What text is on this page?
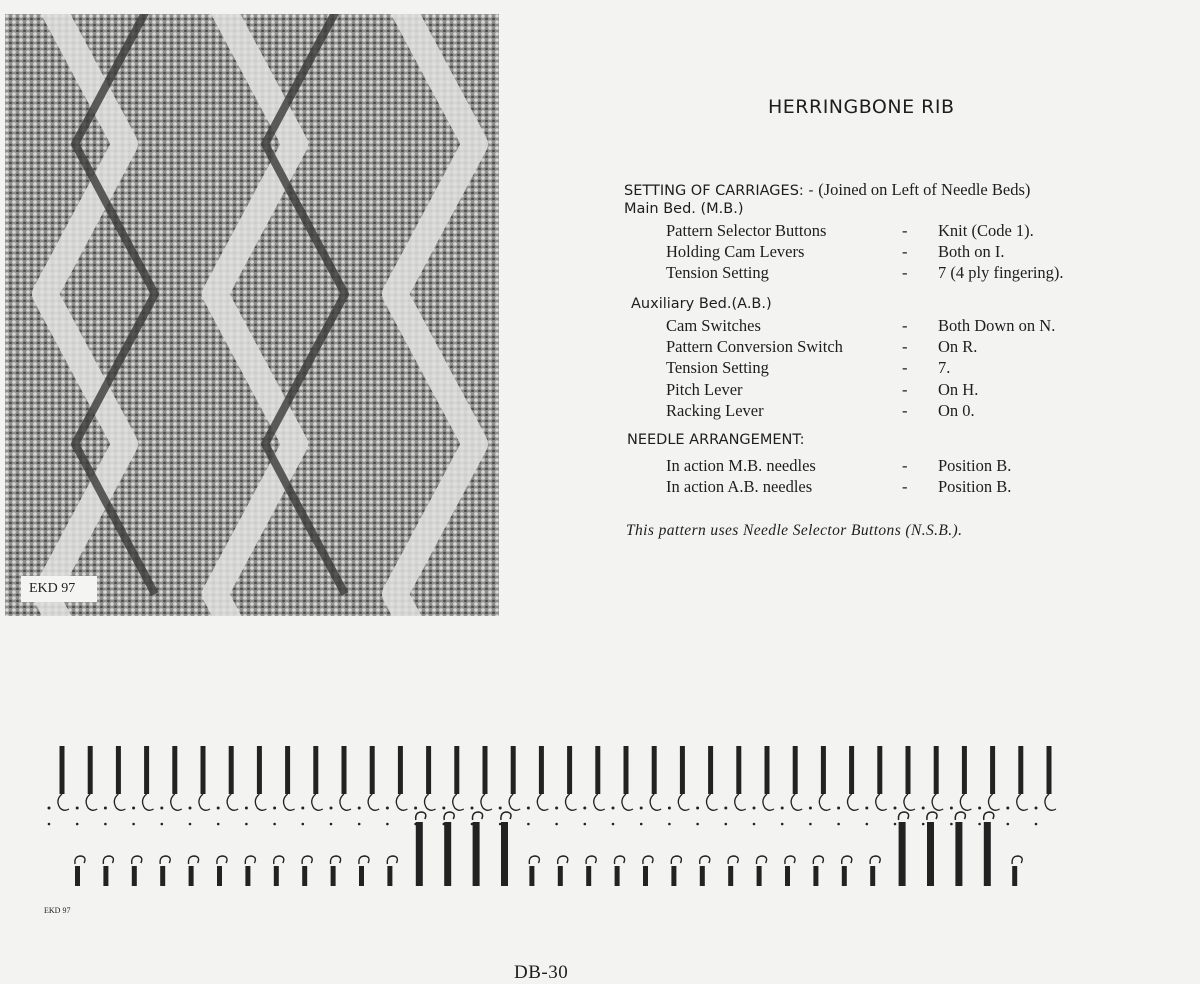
EKD 97
HERRINGBONE RIB
SETTING OF CARRIAGES: - (Joined on Left of Needle Beds)
Main Bed. (M.B.)
Pattern Selector Buttons	- Knit (Code 1).
Holding Cam Levers	- Both on I.
Tension Setting	- 7 (4 ply fingering).
Auxiliary Bed.(A.B.)
Cam Switches	- Both Down on N.
Pattern Conversion Switch	- On R.
Tension Setting	- 7.
Pitch Lever	- On H.
Racking Lever	- On 0.
NEEDLE ARRANGEMENT:
In action M.B. needles	- Position B.
In action A.B. needles	- Position B.
This pattern uses Needle Selector Buttons (N.S.B.).
EKD 97
DB-30
